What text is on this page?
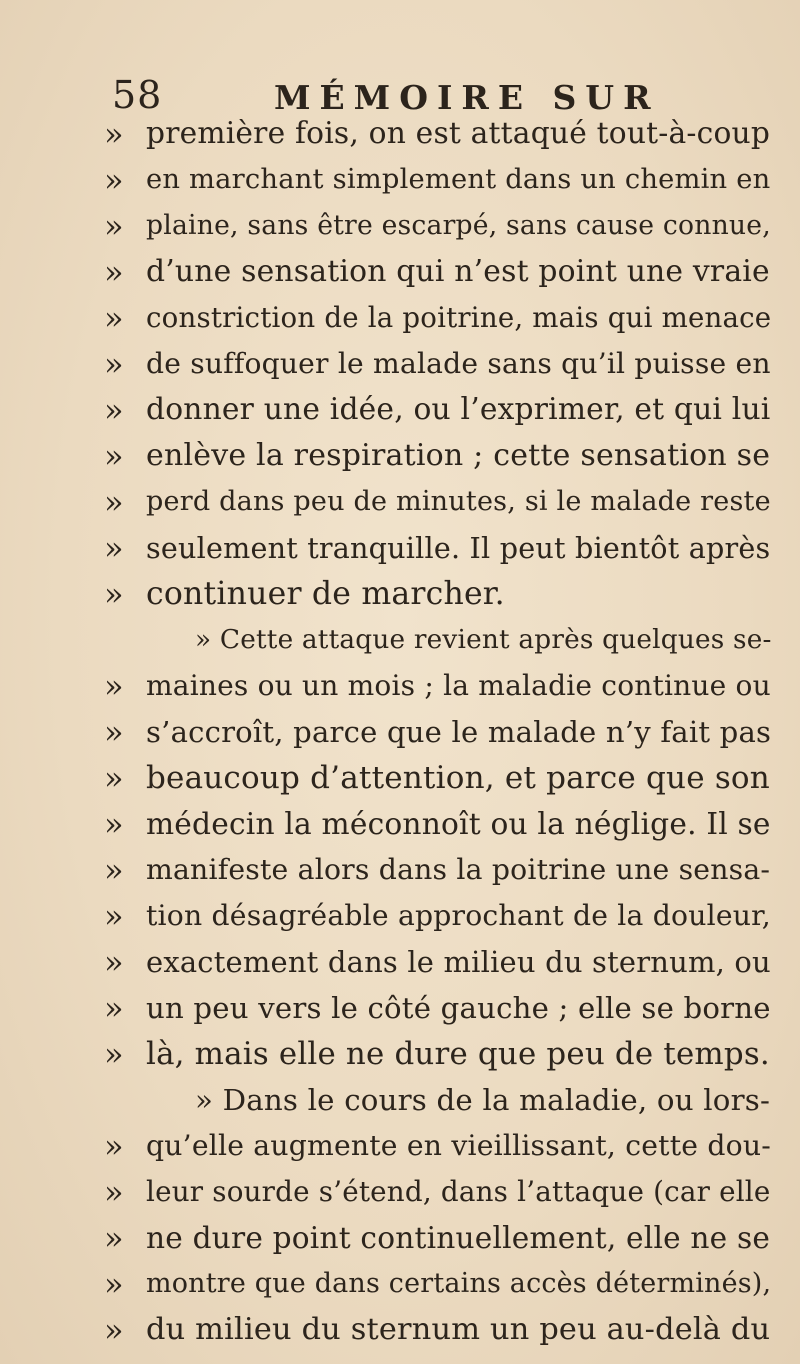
58	MÉMOIRE SUR
» première fois, on est attaqué tout-à-coup
» en marchant simplement dans un chemin en
» plaine, sans être escarpé, sans cause connue,
» d’une sensation qui n’est point une vraie
» constriction de la poitrine, mais qui menace
» de suffoquer le malade sans qu’il puisse en
» donner une idée, ou l’exprimer, et qui lui
» enlève la respiration ; cette sensation se
» perd dans peu de minutes, si le malade reste
» seulement tranquille. Il peut bientôt après
» continuer de marcher.
» Cette attaque revient après quelques se-
» maines ou un mois ; la maladie continue ou
» s’accroît, parce que le malade n’y fait pas
» beaucoup d’attention, et parce que son
» médecin la méconnoît ou la néglige. Il se
» manifeste alors dans la poitrine une sensa-
» tion désagréable approchant de la douleur,
» exactement dans le milieu du sternum, ou
» un peu vers le côté gauche ; elle se borne
» là, mais elle ne dure que peu de temps.
» Dans le cours de la maladie, ou lors-
» qu’elle augmente en vieillissant, cette dou-
» leur sourde s’étend, dans l’attaque (car elle
» ne dure point continuellement, elle ne se
» montre que dans certains accès déterminés),
» du milieu du sternum un peu au-delà du
